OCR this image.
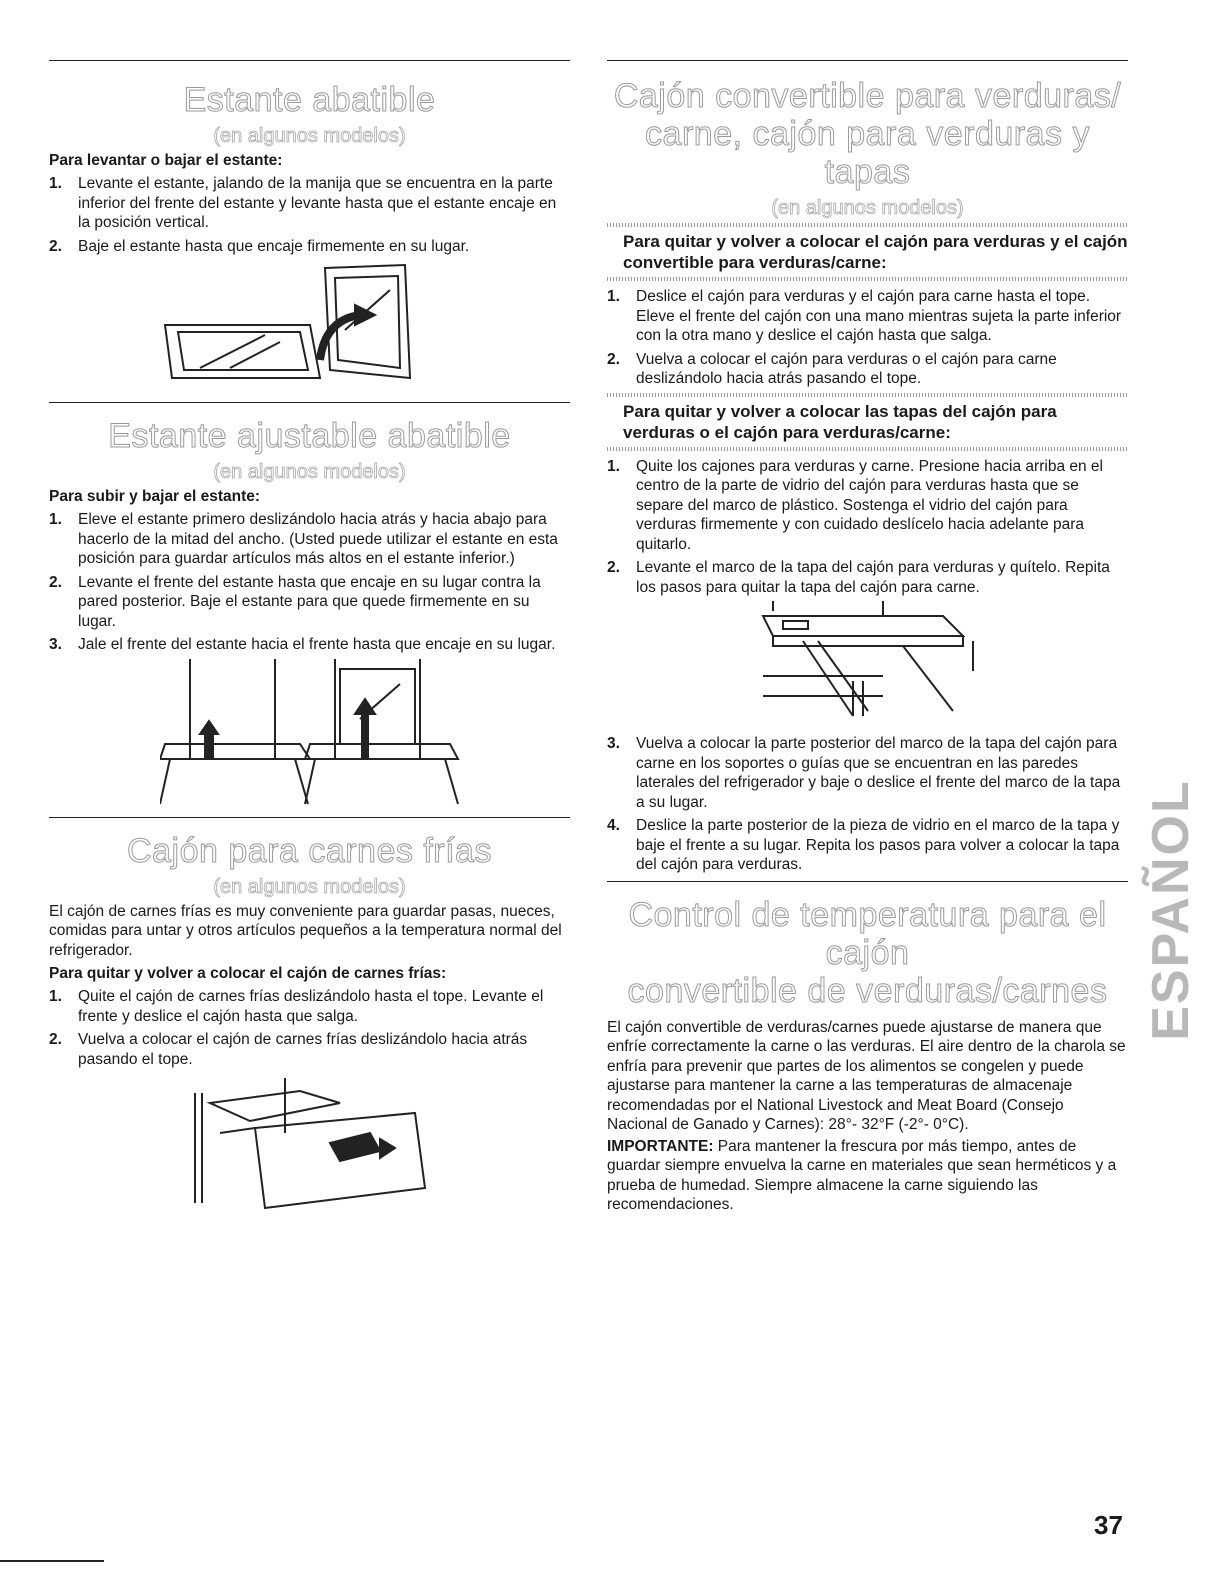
Estante abatible
(en algunos modelos)
Para levantar o bajar el estante:
1. Levante el estante, jalando de la manija que se encuentra en la parte inferior del frente del estante y levante hasta que el estante encaje en la posición vertical.
2. Baje el estante hasta que encaje firmemente en su lugar.
Estante ajustable abatible
(en algunos modelos)
Para subir y bajar el estante:
1. Eleve el estante primero deslizándolo hacia atrás y hacia abajo para hacerlo de la mitad del ancho. (Usted puede utilizar el estante en esta posición para guardar artículos más altos en el estante inferior.)
2. Levante el frente del estante hasta que encaje en su lugar contra la pared posterior. Baje el estante para que quede firmemente en su lugar.
3. Jale el frente del estante hacia el frente hasta que encaje en su lugar.
Cajón para carnes frías
(en algunos modelos)

El cajón de carnes frías es muy conveniente para guardar pasas, nueces, comidas para untar y otros artículos pequeños a la temperatura normal del refrigerador.

Para quitar y volver a colocar el cajón de carnes frías:
1. Quite el cajón de carnes frías deslizándolo hasta el tope. Levante el frente y deslice el cajón hasta que salga.
2. Vuelva a colocar el cajón de carnes frías deslizándolo hacia atrás pasando el tope.
Cajón convertible para verduras/
carne, cajón para verduras y tapas
(en algunos modelos)
Para quitar y volver a colocar el cajón para verduras y el cajón convertible para verduras/carne:
1. Deslice el cajón para verduras y el cajón para carne hasta el tope. Eleve el frente del cajón con una mano mientras sujeta la parte inferior con la otra mano y deslice el cajón hasta que salga.
2. Vuelva a colocar el cajón para verduras o el cajón para carne deslizándolo hacia atrás pasando el tope.
Para quitar y volver a colocar las tapas del cajón para verduras o el cajón para verduras/carne:
1. Quite los cajones para verduras y carne. Presione hacia arriba en el centro de la parte de vidrio del cajón para verduras hasta que se separe del marco de plástico. Sostenga el vidrio del cajón para verduras firmemente y con cuidado deslícelo hacia adelante para quitarlo.
2. Levante el marco de la tapa del cajón para verduras y quítelo. Repita los pasos para quitar la tapa del cajón para carne.
3. Vuelva a colocar la parte posterior del marco de la tapa del cajón para carne en los soportes o guías que se encuentran en las paredes laterales del refrigerador y baje o deslice el frente del marco de la tapa a su lugar.
4. Deslice la parte posterior de la pieza de vidrio en el marco de la tapa y baje el frente a su lugar. Repita los pasos para volver a colocar la tapa del cajón para verduras.
Control de temperatura para el cajón
convertible de verduras/carnes

El cajón convertible de verduras/carnes puede ajustarse de manera que enfríe correctamente la carne o las verduras. El aire dentro de la charola se enfría para prevenir que partes de los alimentos se congelen y puede ajustarse para mantener la carne a las temperaturas de almacenaje recomendadas por el National Livestock and Meat Board (Consejo Nacional de Ganado y Carnes): 28°- 32°F (-2°- 0°C).

IMPORTANTE: Para mantener la frescura por más tiempo, antes de guardar siempre envuelva la carne en materiales que sean herméticos y a prueba de humedad. Siempre almacene la carne siguiendo las recomendaciones.

ESPAÑOL
37
